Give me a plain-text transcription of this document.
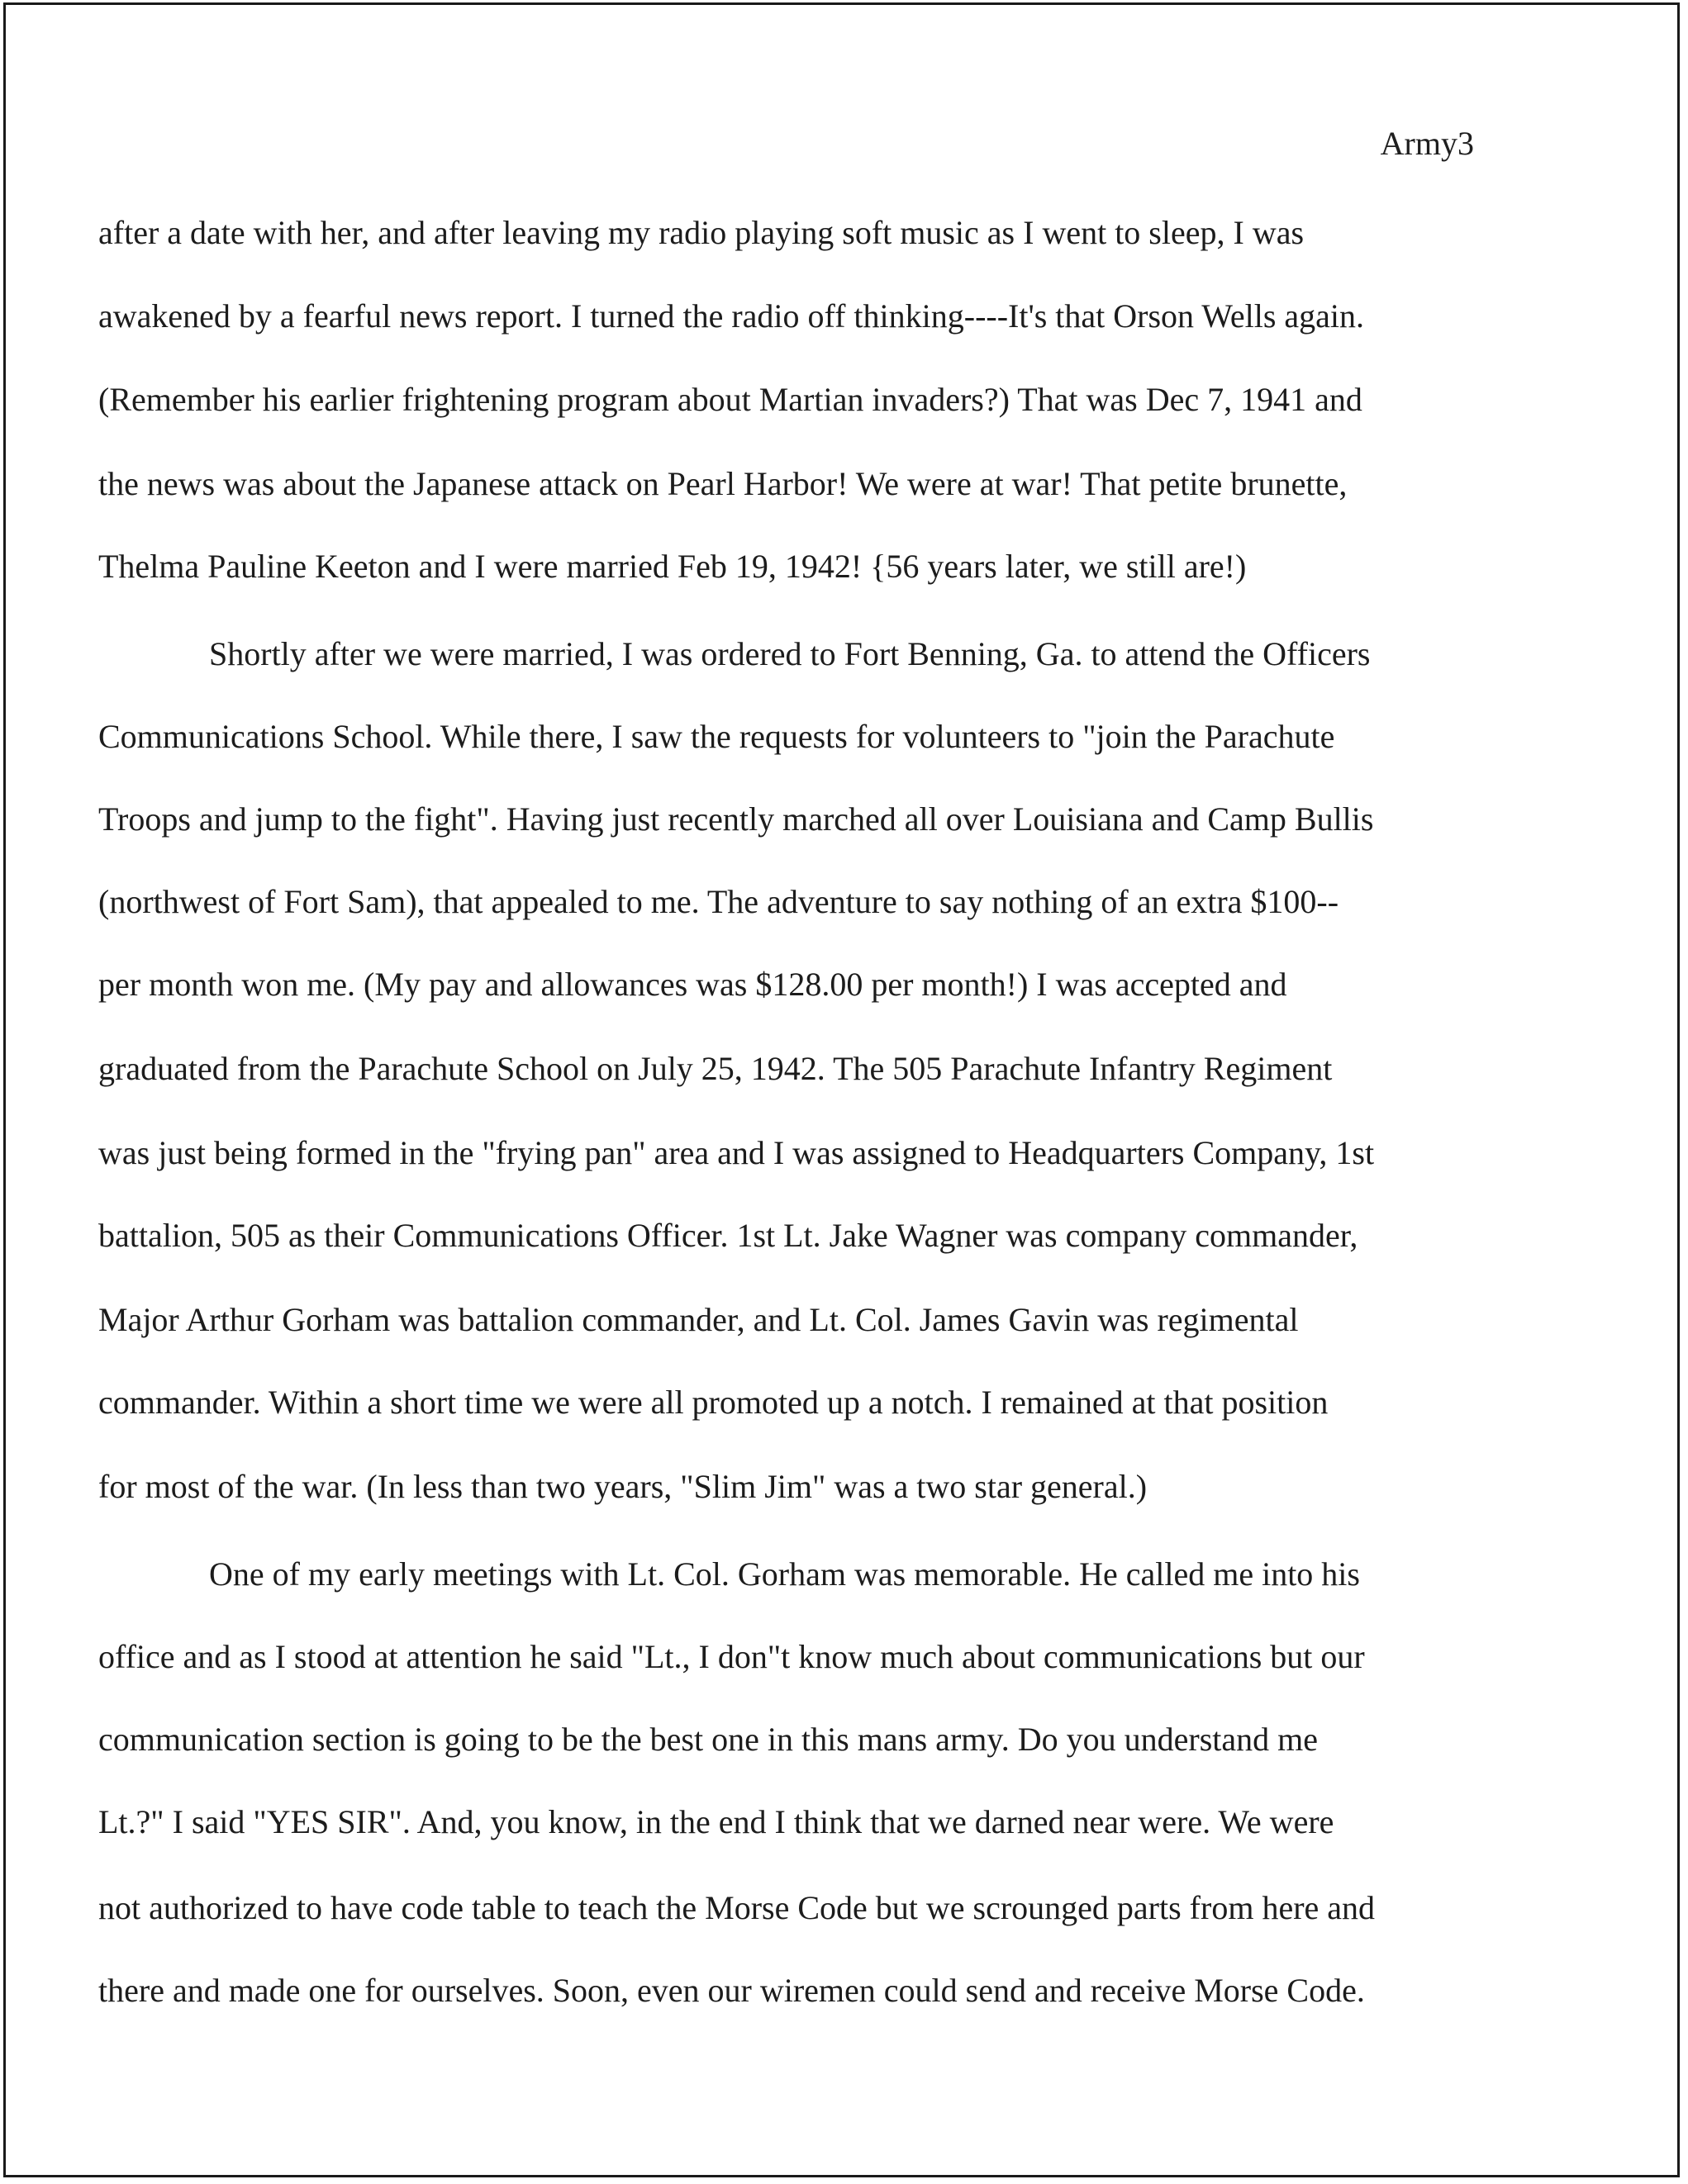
Army3
after a date with her, and after leaving my radio playing soft music as I went to sleep, I was
awakened by a fearful news report. I turned the radio off thinking----It's that Orson Wells again.
(Remember his earlier frightening program about Martian invaders?) That was Dec 7, 1941 and
the news was about the Japanese attack on Pearl Harbor! We were at war! That petite brunette,
Thelma Pauline Keeton and I were married Feb 19, 1942! {56 years later, we still are!)
Shortly after we were married, I was ordered to Fort Benning, Ga. to attend the Officers
Communications School. While there, I saw the requests for volunteers to "join the Parachute
Troops and jump to the fight". Having just recently marched all over Louisiana and Camp Bullis
(northwest of Fort Sam), that appealed to me. The adventure to say nothing of an extra $100--
per month won me. (My pay and allowances was $128.00 per month!) I was accepted and
graduated from the Parachute School on July 25, 1942. The 505 Parachute Infantry Regiment
was just being formed in the "frying pan" area and I was assigned to Headquarters Company, 1st
battalion, 505 as their Communications Officer. 1st Lt. Jake Wagner was company commander,
Major Arthur Gorham was battalion commander, and Lt. Col. James Gavin was regimental
commander. Within a short time we were all promoted up a notch. I remained at that position
for most of the war. (In less than two years, "Slim Jim" was a two star general.)
One of my early meetings with Lt. Col. Gorham was memorable. He called me into his
office and as I stood at attention he said "Lt., I don"t know much about communications but our
communication section is going to be the best one in this mans army. Do you understand me
Lt.?" I said "YES SIR". And, you know, in the end I think that we darned near were. We were
not authorized to have code table to teach the Morse Code but we scrounged parts from here and
there and made one for ourselves. Soon, even our wiremen could send and receive Morse Code.
